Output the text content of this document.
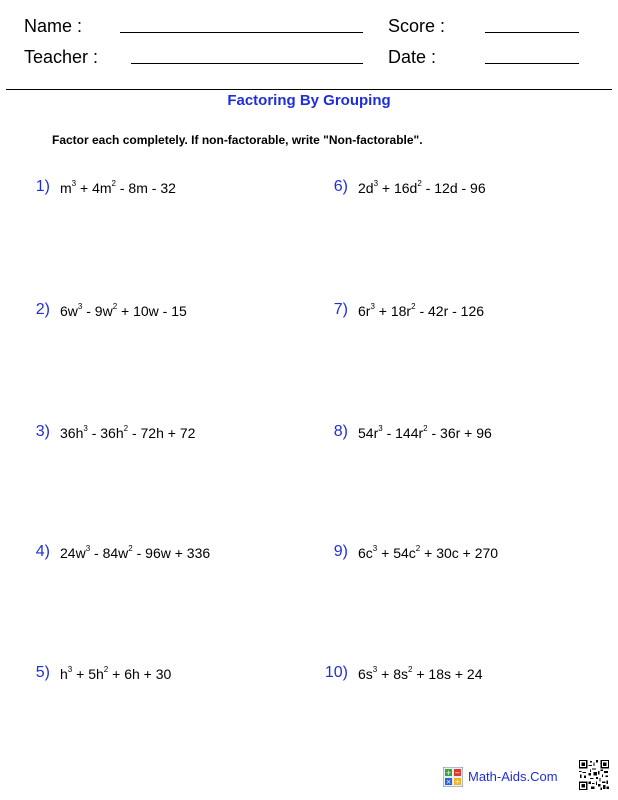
Name :	Score :
Teacher :	Date :
Factoring By Grouping
Factor each completely. If non-factorable, write "Non-factorable".
1) $m^3 + 4m^2 - 8m - 32$
2) $6w^3 - 9w^2 + 10w - 15$
3) $36h^3 - 36h^2 - 72h + 72$
4) $24w^3 - 84w^2 - 96w + 336$
5) $h^3 + 5h^2 + 6h + 30$
6) $2d^3 + 16d^2 - 12d - 96$
7) $6r^3 + 18r^2 - 42r - 126$
8) $54r^3 - 144r^2 - 36r + 96$
9) $6c^3 + 54c^2 + 30c + 270$
10) $6s^3 + 8s^2 + 18s + 24$
+ −
× ÷ Math-Aids.Com
